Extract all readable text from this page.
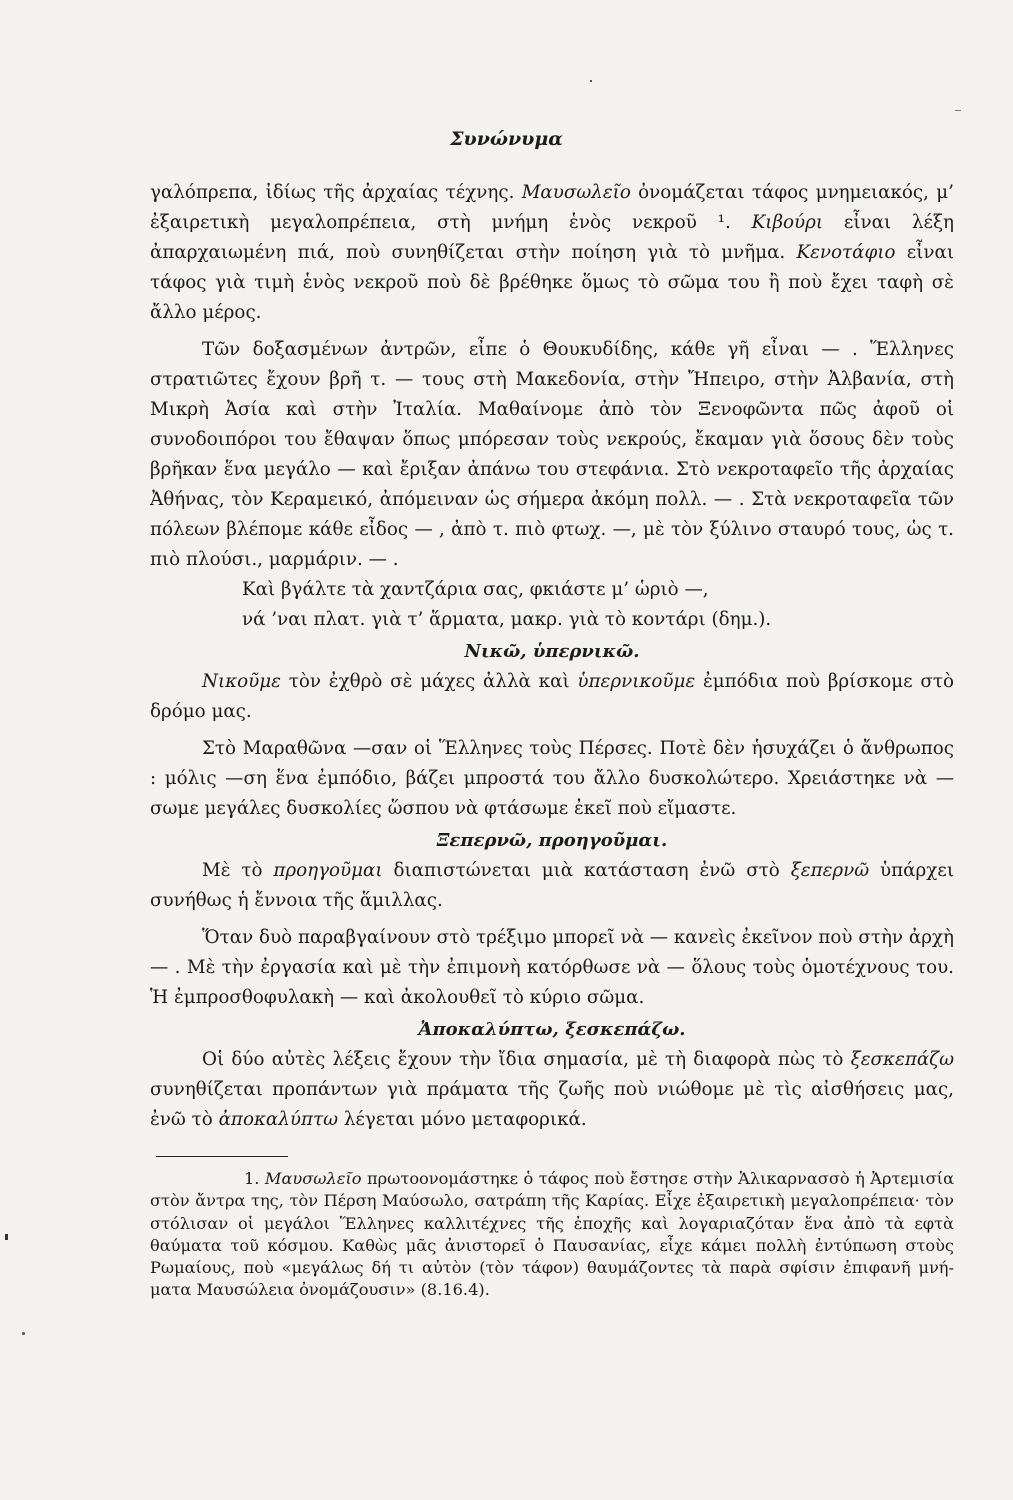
Συνώνυμα

γαλόπρεπα, ἰδίως τῆς ἀρχαίας τέχνης. Μαυσωλεῖο ὀνομάζεται τάφος μνημειακός, μ’ ἐξαιρετικὴ μεγαλοπρέπεια, στὴ μνήμη ἑνὸς νεκροῦ ¹. Κιβούρι εἶναι λέξη ἀπαρχαιωμένη πιά, ποὺ συνηθίζεται στὴν ποίηση γιὰ τὸ μνῆμα. Κενοτάφιο εἶναι τάφος γιὰ τιμὴ ἑνὸς νεκροῦ ποὺ δὲ βρέθηκε ὅμως τὸ σῶμα του ἢ ποὺ ἔχει ταφὴ σὲ ἄλλο μέρος.

Τῶν δοξασμένων ἀντρῶν, εἶπε ὁ Θουκυδίδης, κάθε γῆ εἶναι — . Ἕλληνες στρατιῶτες ἔχουν βρῆ τ. — τους στὴ Μακεδονία, στὴν Ἤπειρο, στὴν Ἀλβανία, στὴ Μικρὴ Ἀσία καὶ στὴν Ἰταλία. Μαθαίνομε ἀπὸ τὸν Ξενοφῶντα πῶς ἀφοῦ οἱ συνοδοιπόροι του ἔθαψαν ὅπως μπόρεσαν τοὺς νεκρούς, ἔκαμαν γιὰ ὅσους δὲν τοὺς βρῆκαν ἕνα μεγάλο — καὶ ἔριξαν ἀπάνω του στεφάνια. Στὸ νεκροταφεῖο τῆς ἀρχαίας Ἀθήνας, τὸν Κεραμεικό, ἀπόμειναν ὡς σήμερα ἀκόμη πολλ. — . Στὰ νεκροταφεῖα τῶν πόλεων βλέπομε κάθε εἶδος — , ἀπὸ τ. πιὸ φτωχ. —, μὲ τὸν ξύλινο σταυρό τους, ὡς τ. πιὸ πλούσι., μαρμάριν. — .

Καὶ βγάλτε τὰ χαντζάρια σας, φκιάστε μ’ ὡριὸ —,

νά ’ναι πλατ. γιὰ τ’ ἅρματα, μακρ. γιὰ τὸ κοντάρι (δημ.).

Νικῶ, ὑπερνικῶ.

Νικοῦμε τὸν ἐχθρὸ σὲ μάχες ἀλλὰ καὶ ὑπερνικοῦμε ἐμπόδια ποὺ βρίσκομε στὸ δρόμο μας.

Στὸ Μαραθῶνα —σαν οἱ Ἕλληνες τοὺς Πέρσες. Ποτὲ δὲν ἡσυχάζει ὁ ἄνθρωπος : μόλις —ση ἕνα ἐμπόδιο, βάζει μπροστά του ἄλλο δυσκολώτερο. Χρειάστηκε νὰ — σωμε μεγάλες δυσκολίες ὥσπου νὰ φτάσωμε ἐκεῖ ποὺ εἴμαστε.

Ξεπερνῶ, προηγοῦμαι.

Μὲ τὸ προηγοῦμαι διαπιστώνεται μιὰ κατάσταση ἐνῶ στὸ ξεπερνῶ ὑπάρχει συνήθως ἡ ἔννοια τῆς ἅμιλλας.

Ὅταν δυὸ παραβγαίνουν στὸ τρέξιμο μπορεῖ νὰ — κανεὶς ἐκεῖνον ποὺ στὴν ἀρχὴ — . Μὲ τὴν ἐργασία καὶ μὲ τὴν ἐπιμονὴ κατόρθωσε νὰ — ὅλους τοὺς ὁμοτέχνους του. Ἡ ἐμπροσθοφυλακὴ — καὶ ἀκολουθεῖ τὸ κύριο σῶμα.

Ἀποκαλύπτω, ξεσκεπάζω.

Οἱ δύο αὐτὲς λέξεις ἔχουν τὴν ἴδια σημασία, μὲ τὴ διαφορὰ πὼς τὸ ξεσκεπάζω συνηθίζεται προπάντων γιὰ πράματα τῆς ζωῆς ποὺ νιώθομε μὲ τὶς αἰσθήσεις μας, ἐνῶ τὸ ἀποκαλύπτω λέγεται μόνο μεταφορικά.

1. Μαυσωλεῖο πρωτοονομάστηκε ὁ τάφος ποὺ ἔστησε στὴν Ἁλικαρνασσὸ ἡ Ἀρτεμισία στὸν ἄντρα της, τὸν Πέρση Μαύσωλο, σατράπη τῆς Καρίας. Εἶχε ἐξαιρετικὴ μεγαλοπρέπεια· τὸν στόλισαν οἱ μεγάλοι Ἕλληνες καλλιτέχνες τῆς ἐποχῆς καὶ λογαριαζόταν ἕνα ἀπὸ τὰ εφτὰ θαύματα τοῦ κόσμου. Καθὼς μᾶς ἀνιστορεῖ ὁ Παυσανίας, εἶχε κάμει πολλὴ ἐντύπωση στοὺς Ρωμαίους, ποὺ «μεγάλως δή τι αὐτὸν (τὸν τάφον) θαυμάζοντες τὰ παρὰ σφίσιν ἐπιφανῆ μνήματα Μαυσώλεια ὀνομάζουσιν» (8.16.4).
